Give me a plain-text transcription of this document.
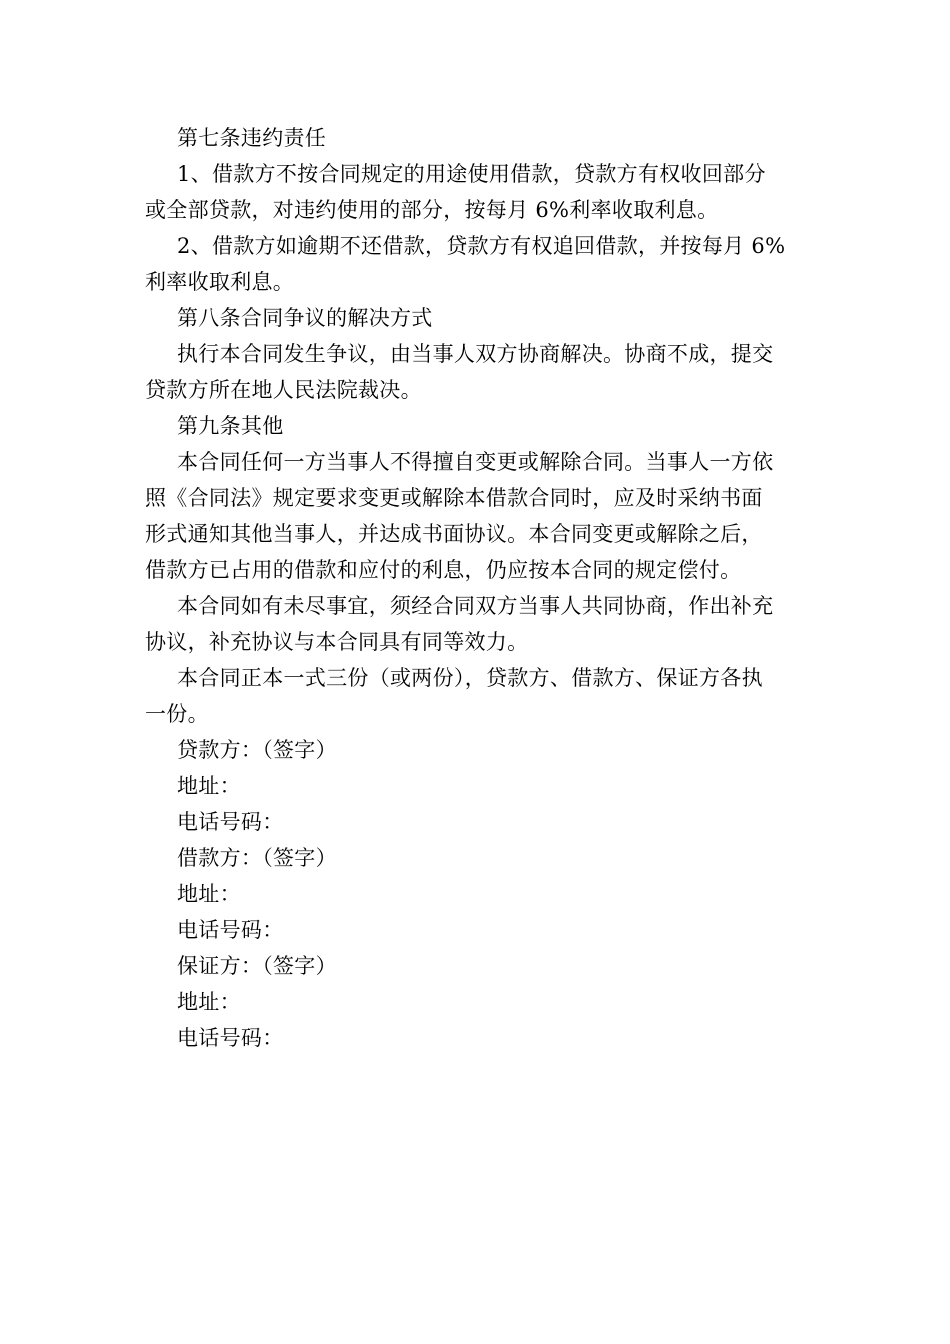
第七条违约责任
1、借款方不按合同规定的用途使用借款，贷款方有权收回部分
或全部贷款，对违约使用的部分，按每月 6%利率收取利息。
2、借款方如逾期不还借款，贷款方有权追回借款，并按每月 6%
利率收取利息。
第八条合同争议的解决方式
执行本合同发生争议，由当事人双方协商解决。协商不成，提交
贷款方所在地人民法院裁决。
第九条其他
本合同任何一方当事人不得擅自变更或解除合同。当事人一方依
照《合同法》规定要求变更或解除本借款合同时，应及时采纳书面
形式通知其他当事人，并达成书面协议。本合同变更或解除之后，
借款方已占用的借款和应付的利息，仍应按本合同的规定偿付。
本合同如有未尽事宜，须经合同双方当事人共同协商，作出补充
协议，补充协议与本合同具有同等效力。
本合同正本一式三份（或两份），贷款方、借款方、保证方各执
一份。
贷款方：（签字）
地址：
电话号码：
借款方：（签字）
地址：
电话号码：
保证方：（签字）
地址：
电话号码：
